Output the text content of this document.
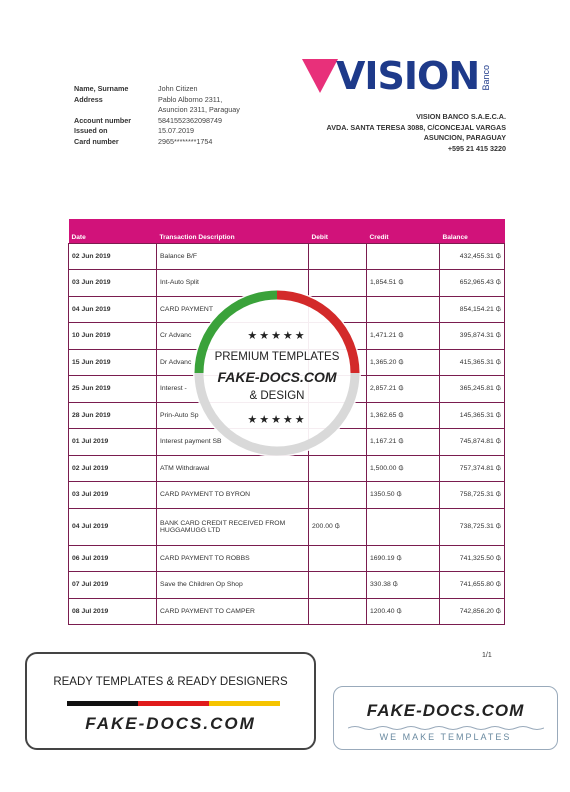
Name, Surname	John Citizen
Address	Pablo Alborno 2311,
Asuncion 2311, Paraguay
Account number	5841552362098749
Issued on	15.07.2019
Card number	2965********1754
VISION Banco
VISION BANCO S.A.E.C.A.
AVDA. SANTA TERESA 3088, C/CONCEJAL VARGAS
ASUNCION, PARAGUAY
+595 21 415 3220
Date	Transaction Description	Debit	Credit	Balance
02 Jun 2019	Balance B/F			432,455.31 ₲
03 Jun 2019	Int-Auto Split		1,854.51 ₲	652,965.43 ₲
04 Jun 2019	CARD PAYMENT			854,154.21 ₲
10 Jun 2019	Cr Advanc		1,471.21 ₲	395,874.31 ₲
15 Jun 2019	Dr Advanc		1,365.20 ₲	415,365.31 ₲
25 Jun 2019	Interest -		2,857.21 ₲	365,245.81 ₲
28 Jun 2019	Prin-Auto Sp		1,362.65 ₲	145,365.31 ₲
01 Jul 2019	Interest payment SB		1,167.21 ₲	745,874.81 ₲
02 Jul 2019	ATM Withdrawal		1,500.00 ₲	757,374.81 ₲
03 Jul 2019	CARD PAYMENT TO BYRON		1350.50 ₲	758,725.31 ₲
04 Jul 2019	BANK CARD CREDIT RECEIVED FROM HUGGAMUGG LTD	200.00 ₲		738,725.31 ₲
06 Jul 2019	CARD PAYMENT TO ROBBS		1690.19 ₲	741,325.50 ₲
07 Jul 2019	Save the Children Op Shop		330.38 ₲	741,655.80 ₲
08 Jul 2019	CARD PAYMENT TO CAMPER		1200.40 ₲	742,856.20 ₲
1/1
★★★★★
PREMIUM TEMPLATES
FAKE-DOCS.COM
& DESIGN
★★★★★
READY TEMPLATES & READY DESIGNERS
FAKE-DOCS.COM
FAKE-DOCS.COM
WE MAKE TEMPLATES
